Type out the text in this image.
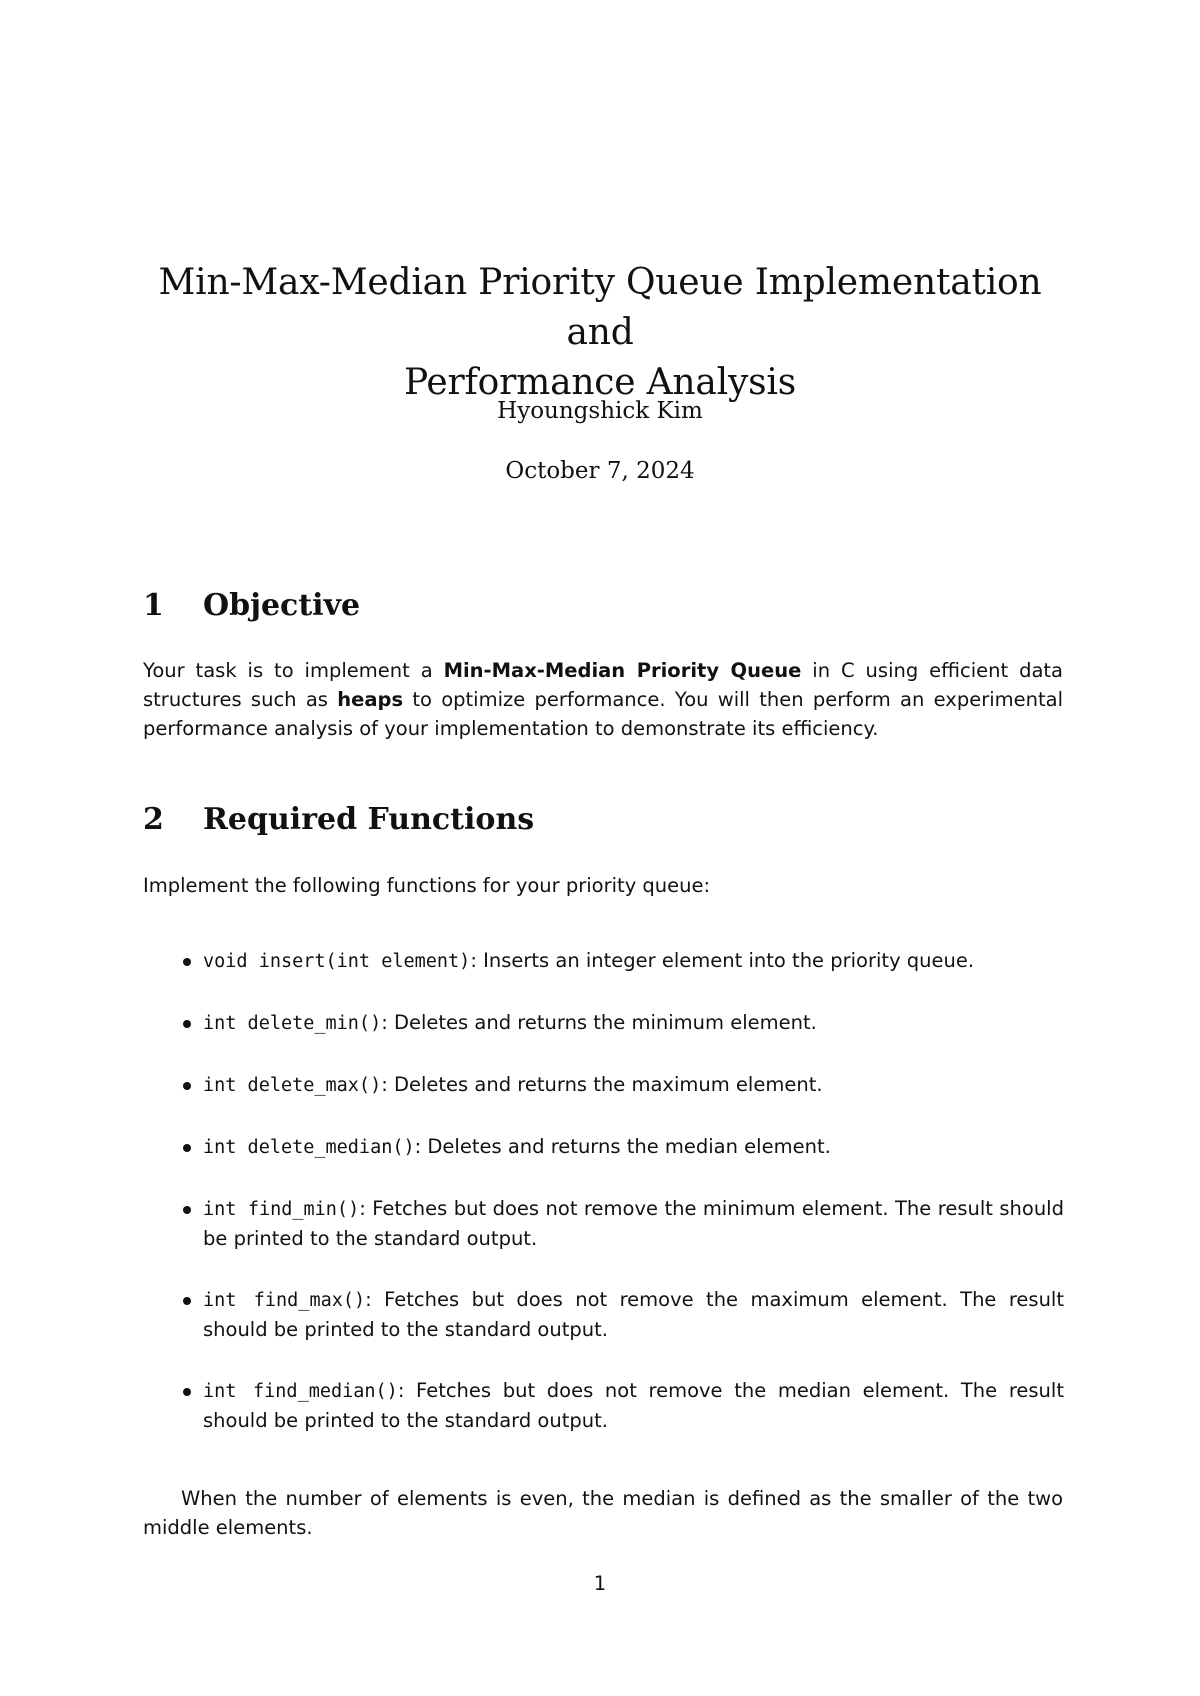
Min-Max-Median Priority Queue Implementation and
Performance Analysis
Hyoungshick Kim
October 7, 2024
1	Objective

Your task is to implement a Min-Max-Median Priority Queue in C using efficient data structures such as heaps to optimize performance. You will then perform an experimental performance analysis of your implementation to demonstrate its efficiency.

2	Required Functions

Implement the following functions for your priority queue:

void insert(int element): Inserts an integer element into the priority queue.
int delete_min(): Deletes and returns the minimum element.
int delete_max(): Deletes and returns the maximum element.
int delete_median(): Deletes and returns the median element.
int find_min(): Fetches but does not remove the minimum element. The result should be printed to the standard output.
int find_max(): Fetches but does not remove the maximum element. The result should be printed to the standard output.
int find_median(): Fetches but does not remove the median element. The result should be printed to the standard output.

When the number of elements is even, the median is defined as the smaller of the two middle elements.

1
